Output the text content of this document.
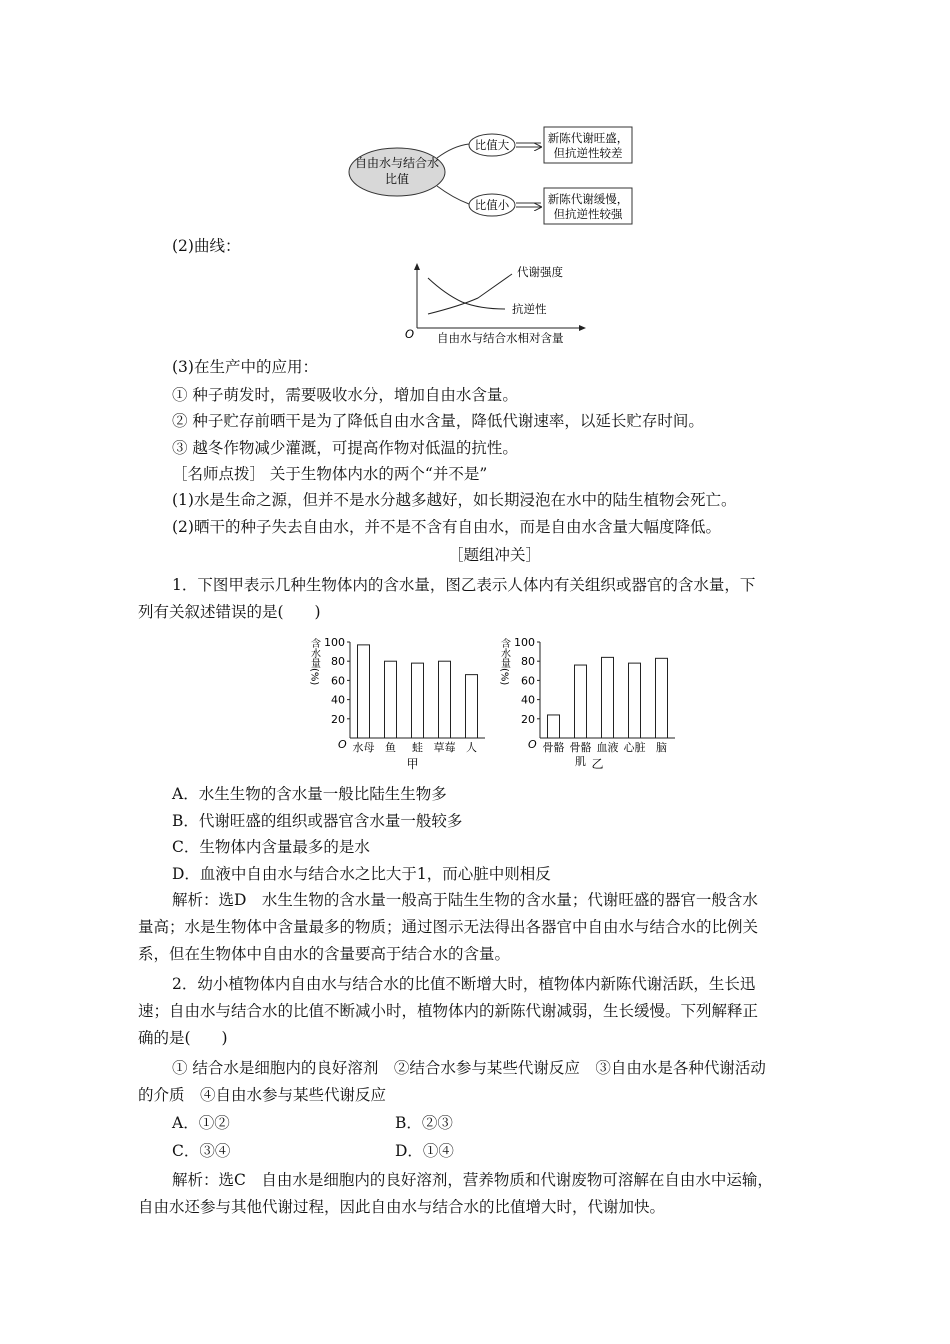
自由水与结合水
比值
比值大
比值小
新陈代谢旺盛，
但抗逆性较差
新陈代谢缓慢，
但抗逆性较强
(2)曲线：
代谢强度
抗逆性
O 自由水与结合水相对含量
(3)在生产中的应用：
① 种子萌发时，需要吸收水分，增加自由水含量。
② 种子贮存前晒干是为了降低自由水含量，降低代谢速率，以延长贮存时间。
③ 越冬作物减少灌溉，可提高作物对低温的抗性。
［名师点拨］ 关于生物体内水的两个“并不是”
(1)水是生命之源，但并不是水分越多越好，如长期浸泡在水中的陆生植物会死亡。
(2)晒干的种子失去自由水，并不是不含有自由水，而是自由水含量大幅度降低。
［题组冲关］
1．下图甲表示几种生物体内的含水量，图乙表示人体内有关组织或器官的含水量，下
列有关叙述错误的是(　　)
含水量(%)
20
40
60
80
100
O 水母 鱼 蛙 草莓 人
甲
含水量(%)
20
40
60
80
100
O 骨骼 骨骼
肌
血液 心脏 脑
乙
A．水生生物的含水量一般比陆生生物多
B．代谢旺盛的组织或器官含水量一般较多
C．生物体内含量最多的是水
D．血液中自由水与结合水之比大于1，而心脏中则相反
解析：选D　水生生物的含水量一般高于陆生生物的含水量；代谢旺盛的器官一般含水
量高；水是生物体中含量最多的物质；通过图示无法得出各器官中自由水与结合水的比例关
系，但在生物体中自由水的含量要高于结合水的含量。
2．幼小植物体内自由水与结合水的比值不断增大时，植物体内新陈代谢活跃，生长迅
速；自由水与结合水的比值不断减小时，植物体内的新陈代谢减弱，生长缓慢。下列解释正
确的是(　　)
① 结合水是细胞内的良好溶剂　②结合水参与某些代谢反应　③自由水是各种代谢活动
的介质　④自由水参与某些代谢反应
A．①②	B．②③
C．③④	D．①④
解析：选C　自由水是细胞内的良好溶剂，营养物质和代谢废物可溶解在自由水中运输，
自由水还参与其他代谢过程，因此自由水与结合水的比值增大时，代谢加快。
